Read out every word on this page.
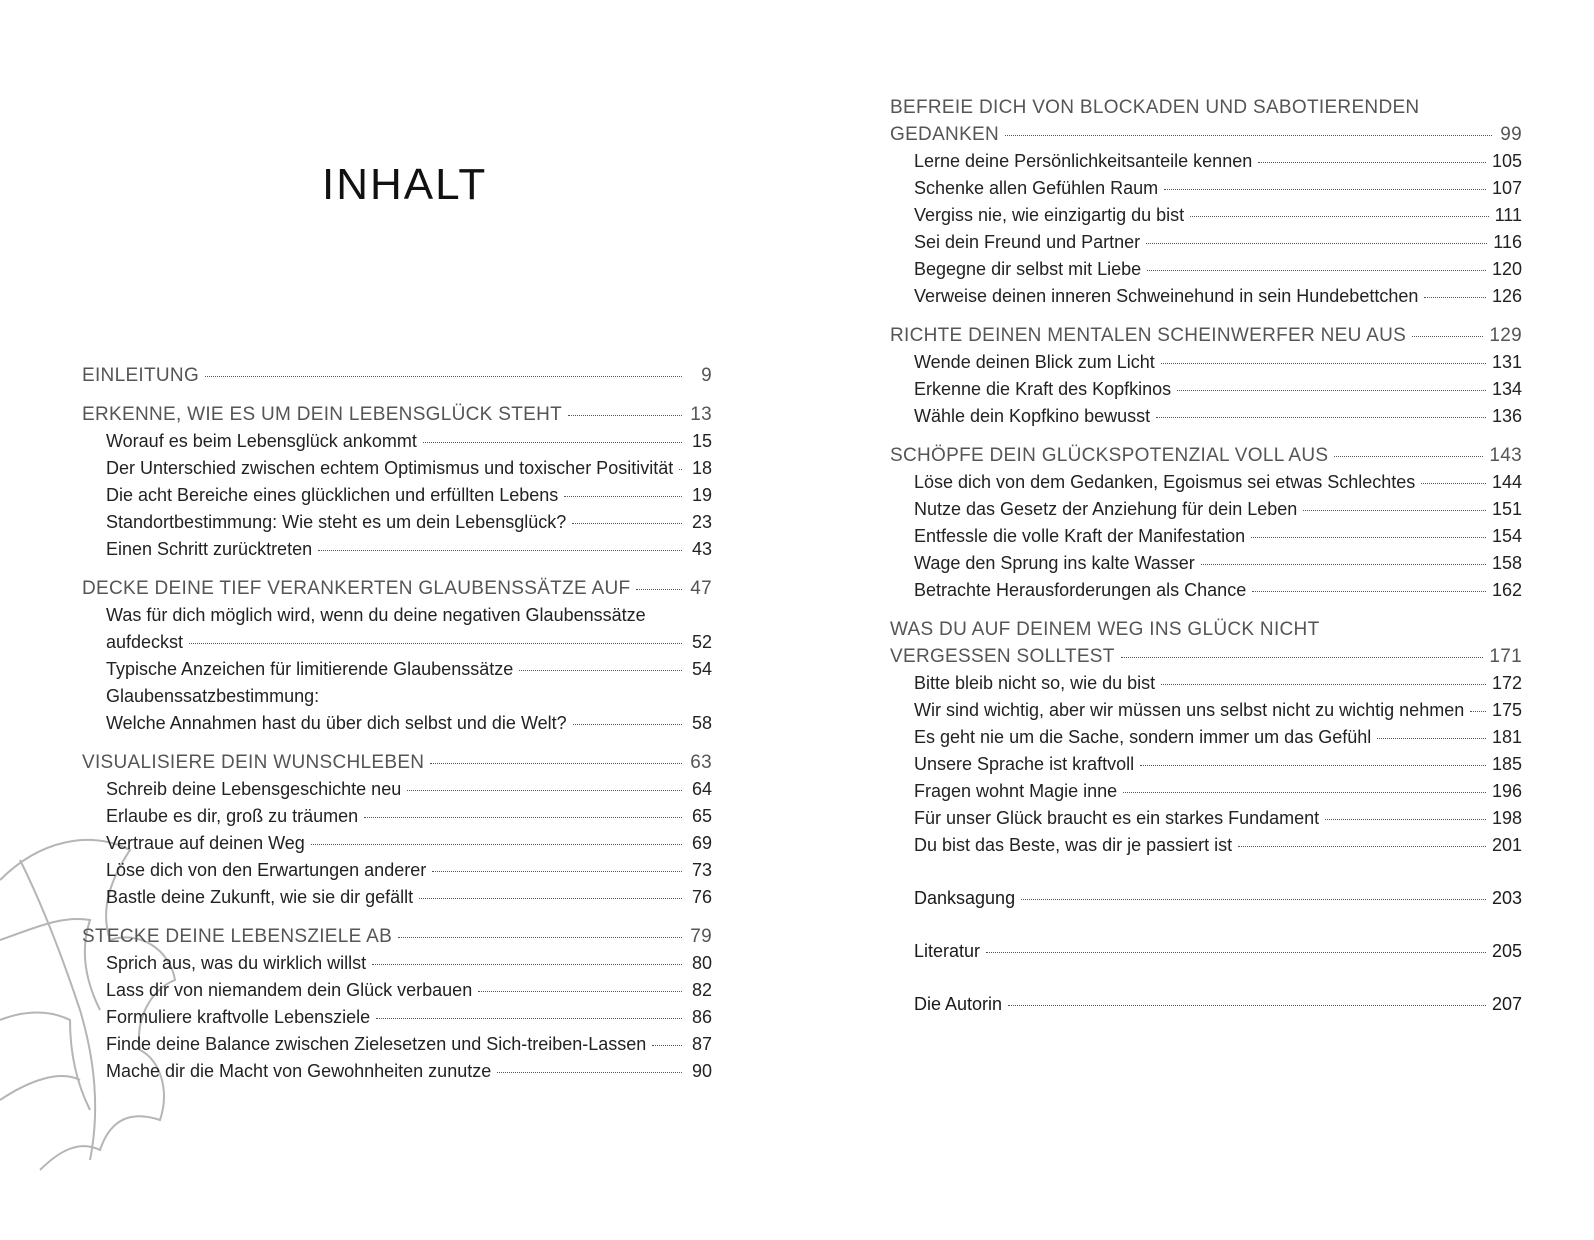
INHALT
EINLEITUNG	9
ERKENNE, WIE ES UM DEIN LEBENSGLÜCK STEHT	13
Worauf es beim Lebensglück ankommt	15
Der Unterschied zwischen echtem Optimismus und toxischer Positivität 18
Die acht Bereiche eines glücklichen und erfüllten Lebens	19
Standortbestimmung: Wie steht es um dein Lebensglück?	23
Einen Schritt zurücktreten	43
DECKE DEINE TIEF VERANKERTEN GLAUBENSSÄTZE AUF	47
Was für dich möglich wird, wenn du deine negativen Glaubenssätze
aufdeckst	52
Typische Anzeichen für limitierende Glaubenssätze	54
Glaubenssatzbestimmung:
Welche Annahmen hast du über dich selbst und die Welt?	58
VISUALISIERE DEIN WUNSCHLEBEN	63
Schreib deine Lebensgeschichte neu	64
Erlaube es dir, groß zu träumen	65
Vertraue auf deinen Weg	69
Löse dich von den Erwartungen anderer	73
Bastle deine Zukunft, wie sie dir gefällt	76
STECKE DEINE LEBENSZIELE AB	79
Sprich aus, was du wirklich willst	80
Lass dir von niemandem dein Glück verbauen	82
Formuliere kraftvolle Lebensziele	86
Finde deine Balance zwischen Zielesetzen und Sich-treiben-Lassen	87
Mache dir die Macht von Gewohnheiten zunutze	90
BEFREIE DICH VON BLOCKADEN UND SABOTIERENDEN
GEDANKEN	99
Lerne deine Persönlichkeitsanteile kennen	105
Schenke allen Gefühlen Raum	107
Vergiss nie, wie einzigartig du bist	111
Sei dein Freund und Partner	116
Begegne dir selbst mit Liebe	120
Verweise deinen inneren Schweinehund in sein Hundebettchen	126
RICHTE DEINEN MENTALEN SCHEINWERFER NEU AUS	129
Wende deinen Blick zum Licht	131
Erkenne die Kraft des Kopfkinos	134
Wähle dein Kopfkino bewusst	136
SCHÖPFE DEIN GLÜCKSPOTENZIAL VOLL AUS	143
Löse dich von dem Gedanken, Egoismus sei etwas Schlechtes	144
Nutze das Gesetz der Anziehung für dein Leben	151
Entfessle die volle Kraft der Manifestation	154
Wage den Sprung ins kalte Wasser	158
Betrachte Herausforderungen als Chance	162
WAS DU AUF DEINEM WEG INS GLÜCK NICHT
VERGESSEN SOLLTEST	171
Bitte bleib nicht so, wie du bist	172
Wir sind wichtig, aber wir müssen uns selbst nicht zu wichtig nehmen 175
Es geht nie um die Sache, sondern immer um das Gefühl	181
Unsere Sprache ist kraftvoll	185
Fragen wohnt Magie inne	196
Für unser Glück braucht es ein starkes Fundament	198
Du bist das Beste, was dir je passiert ist	201
Danksagung	203
Literatur	205
Die Autorin	207
